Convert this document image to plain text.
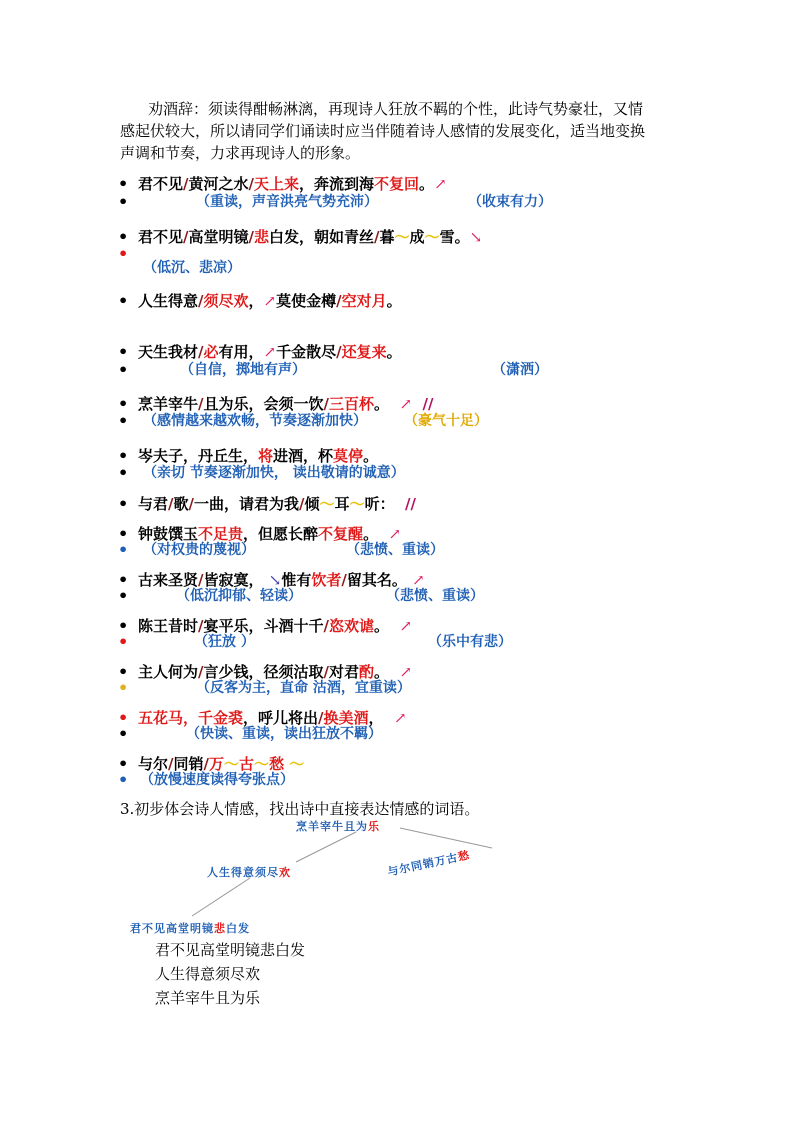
劝酒辞：须读得酣畅淋漓，再现诗人狂放不羁的个性，此诗气势豪壮，又情
感起伏较大，所以请同学们诵读时应当伴随着诗人感情的发展变化，适当地变换
声调和节奏，力求再现诗人的形象。
• 君不见/黄河之水/天上来，奔流到海不复回。↗
•	（重读，声音洪亮气势充沛）	（收束有力）
• 君不见/高堂明镜/悲白发，朝如青丝/暮～成～雪。↘
•
（低沉、悲凉）
• 人生得意/须尽欢，↗莫使金樽/空对月。
• 天生我材/必有用，↗千金散尽/还复来。
•	（自信，掷地有声）	（潇洒）
• 烹羊宰牛/且为乐，会须一饮/三百杯。 ↗ //
• （感情越来越欢畅，节奏逐渐加快）	（豪气十足）
• 岑夫子，丹丘生，将进酒，杯莫停。
• （亲切 节奏逐渐加快， 读出敬请的诚意）
• 与君/歌/一曲，请君为我/倾～耳～听： //
• 钟鼓馔玉不足贵，但愿长醉不复醒。 ↗
• （对权贵的蔑视）	（悲愤、重读）
• 古来圣贤/皆寂寞， ↘惟有饮者/留其名。 ↗
•	（低沉抑郁、轻读）	（悲愤、重读）
• 陈王昔时/宴平乐，斗酒十千/恣欢谑。 ↗
•	（狂放 ）	（乐中有悲）
• 主人何为/言少钱，径须沽取/对君酌。 ↗
•	（反客为主，直命 沽酒，宜重读）
• 五花马，千金裘，呼儿将出/换美酒， ↗
•	（快读、重读，读出狂放不羁）
• 与尔/同销/万～古～愁 ～
• （放慢速度读得夸张点）
3.初步体会诗人情感，找出诗中直接表达情感的词语。
烹羊宰牛且为乐
人生得意须尽欢	与尔同销万古愁
君不见高堂明镜悲白发
君不见高堂明镜悲白发
人生得意须尽欢
烹羊宰牛且为乐
